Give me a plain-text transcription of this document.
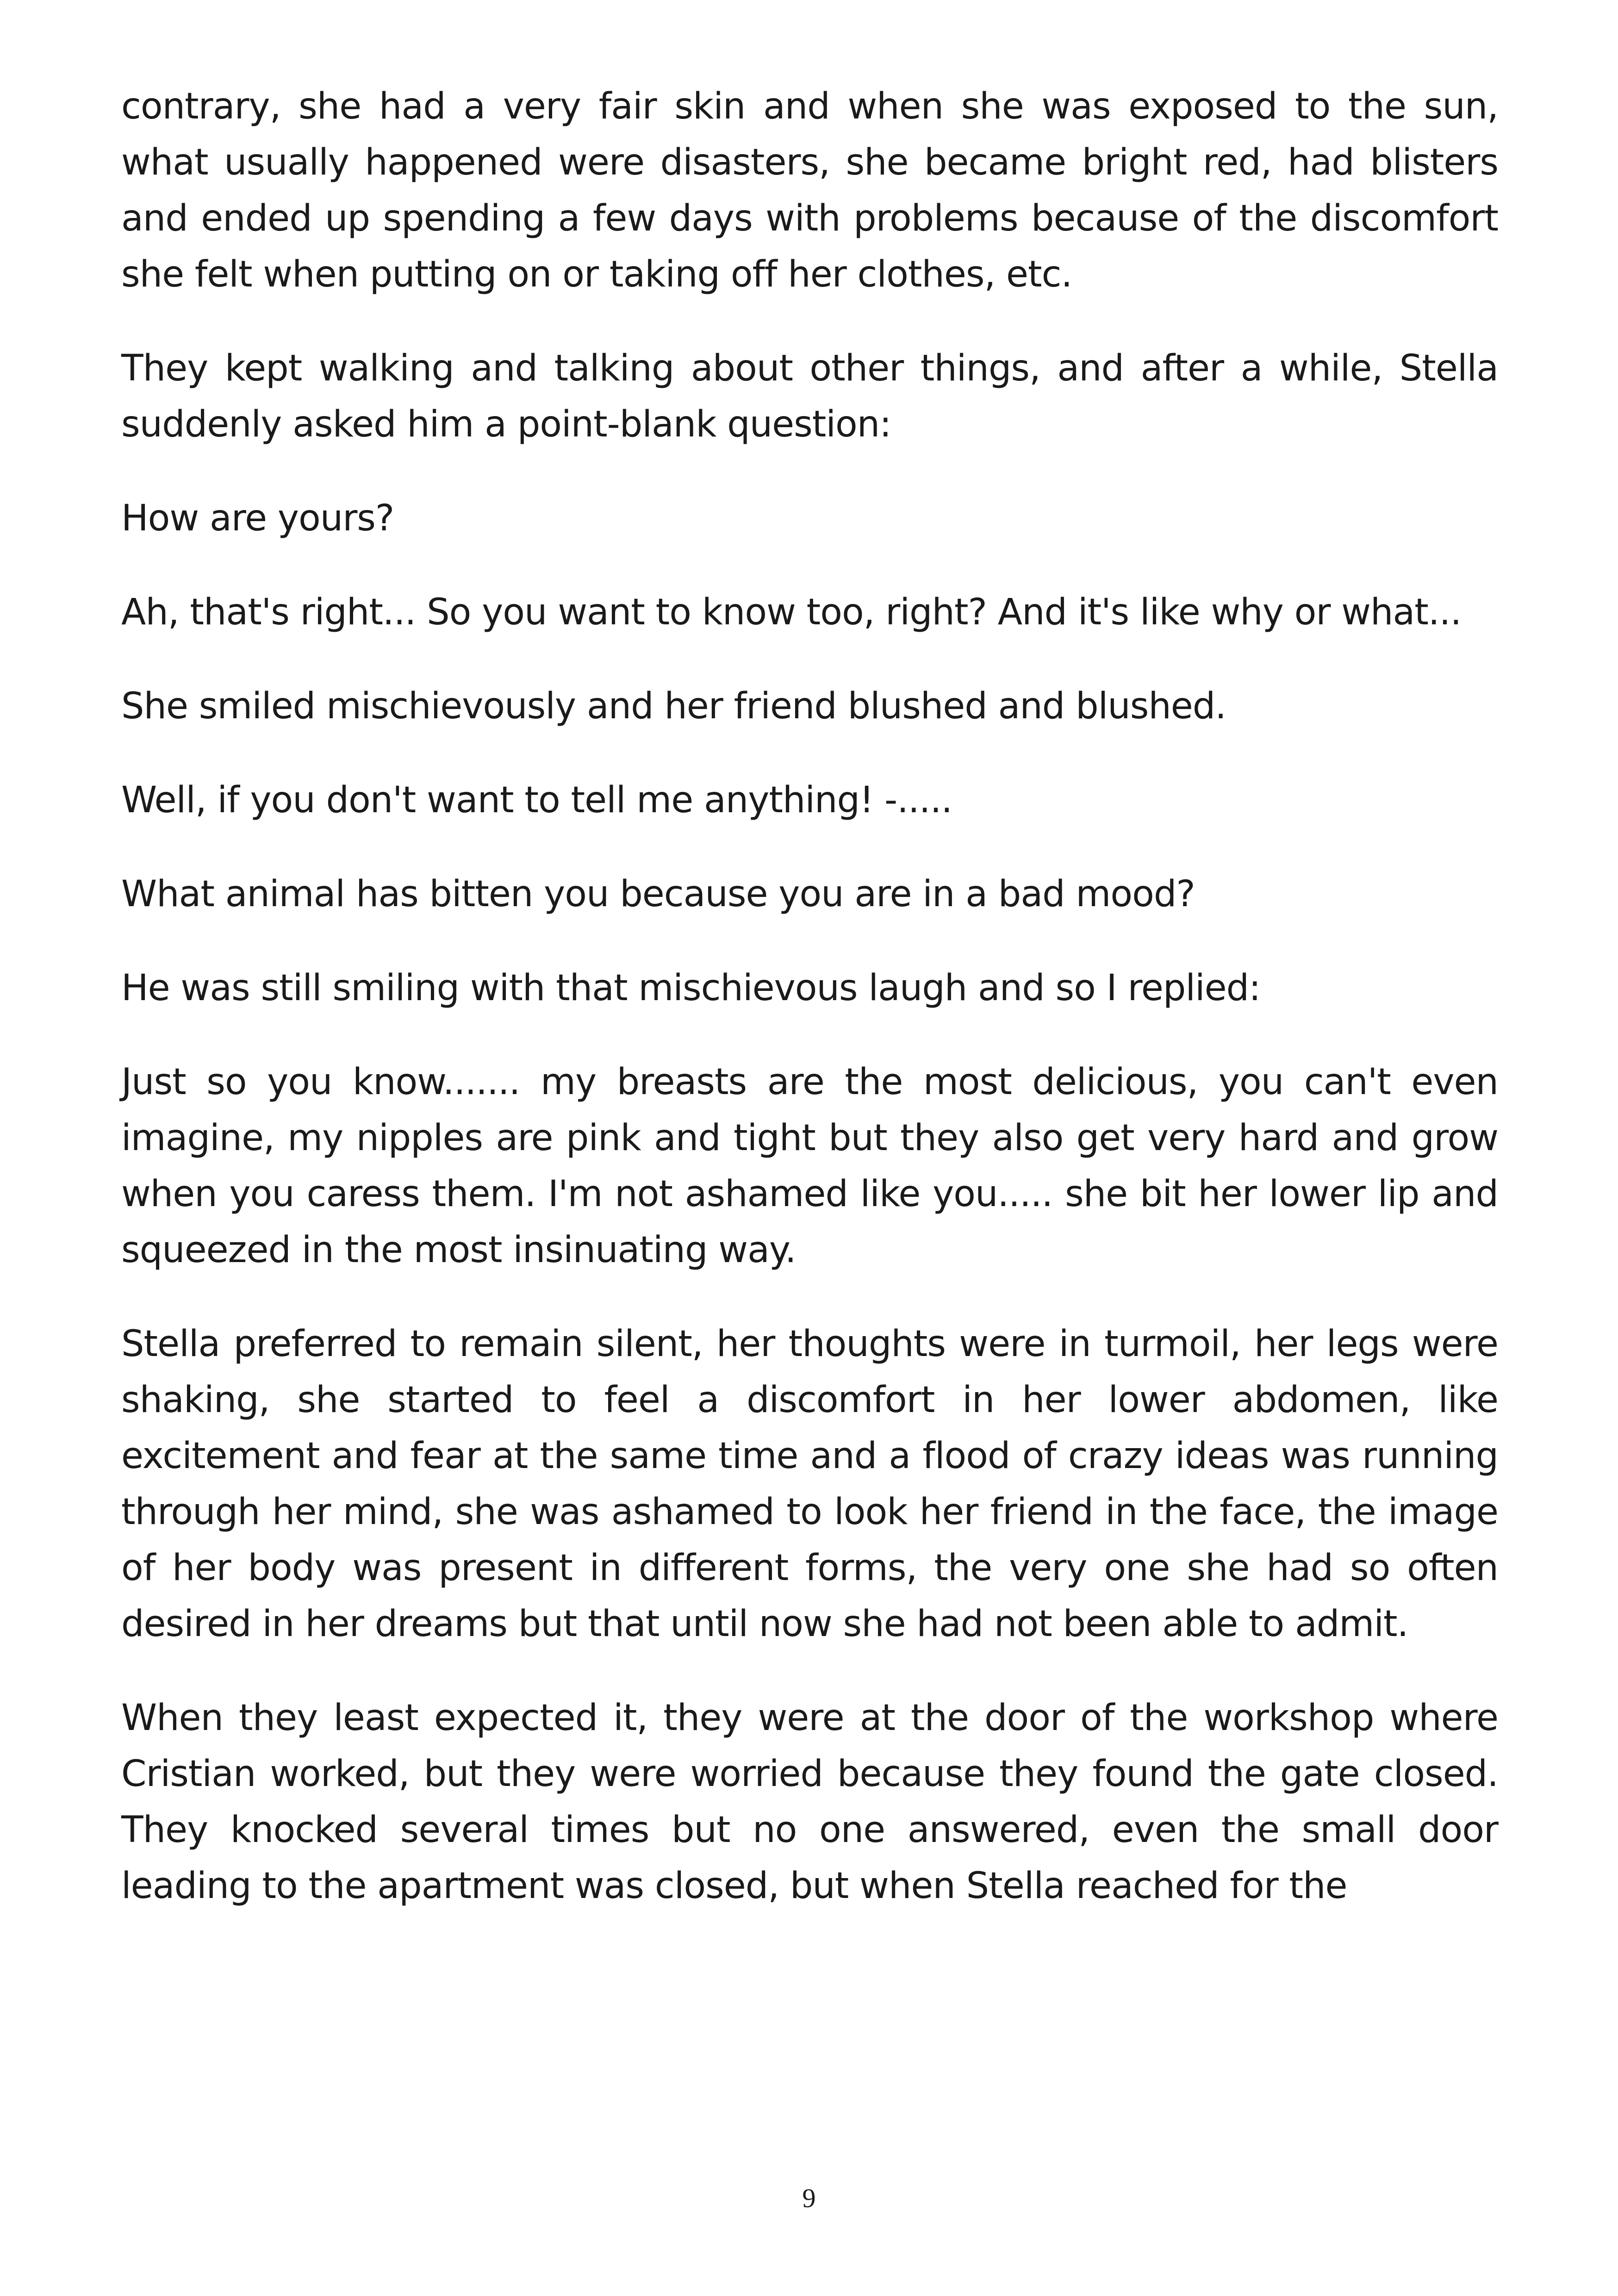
contrary, she had a very fair skin and when she was exposed to the sun, what usually happened were disasters, she became bright red, had blisters and ended up spending a few days with problems because of the discomfort she felt when putting on or taking off her clothes, etc.

They kept walking and talking about other things, and after a while, Stella suddenly asked him a point-blank question:

How are yours?

Ah, that's right... So you want to know too, right? And it's like why or what...

She smiled mischievously and her friend blushed and blushed.

Well, if you don't want to tell me anything! -.....

What animal has bitten you because you are in a bad mood?

He was still smiling with that mischievous laugh and so I replied:

Just so you know....... my breasts are the most delicious, you can't even imagine, my nipples are pink and tight but they also get very hard and grow when you caress them. I'm not ashamed like you..... she bit her lower lip and squeezed in the most insinuating way.

Stella preferred to remain silent, her thoughts were in turmoil, her legs were shaking, she started to feel a discomfort in her lower abdomen, like excitement and fear at the same time and a flood of crazy ideas was running through her mind, she was ashamed to look her friend in the face, the image of her body was present in different forms, the very one she had so often desired in her dreams but that until now she had not been able to admit.

When they least expected it, they were at the door of the workshop where Cristian worked, but they were worried because they found the gate closed. They knocked several times but no one answered, even the small door leading to the apartment was closed, but when Stella reached for the

9
